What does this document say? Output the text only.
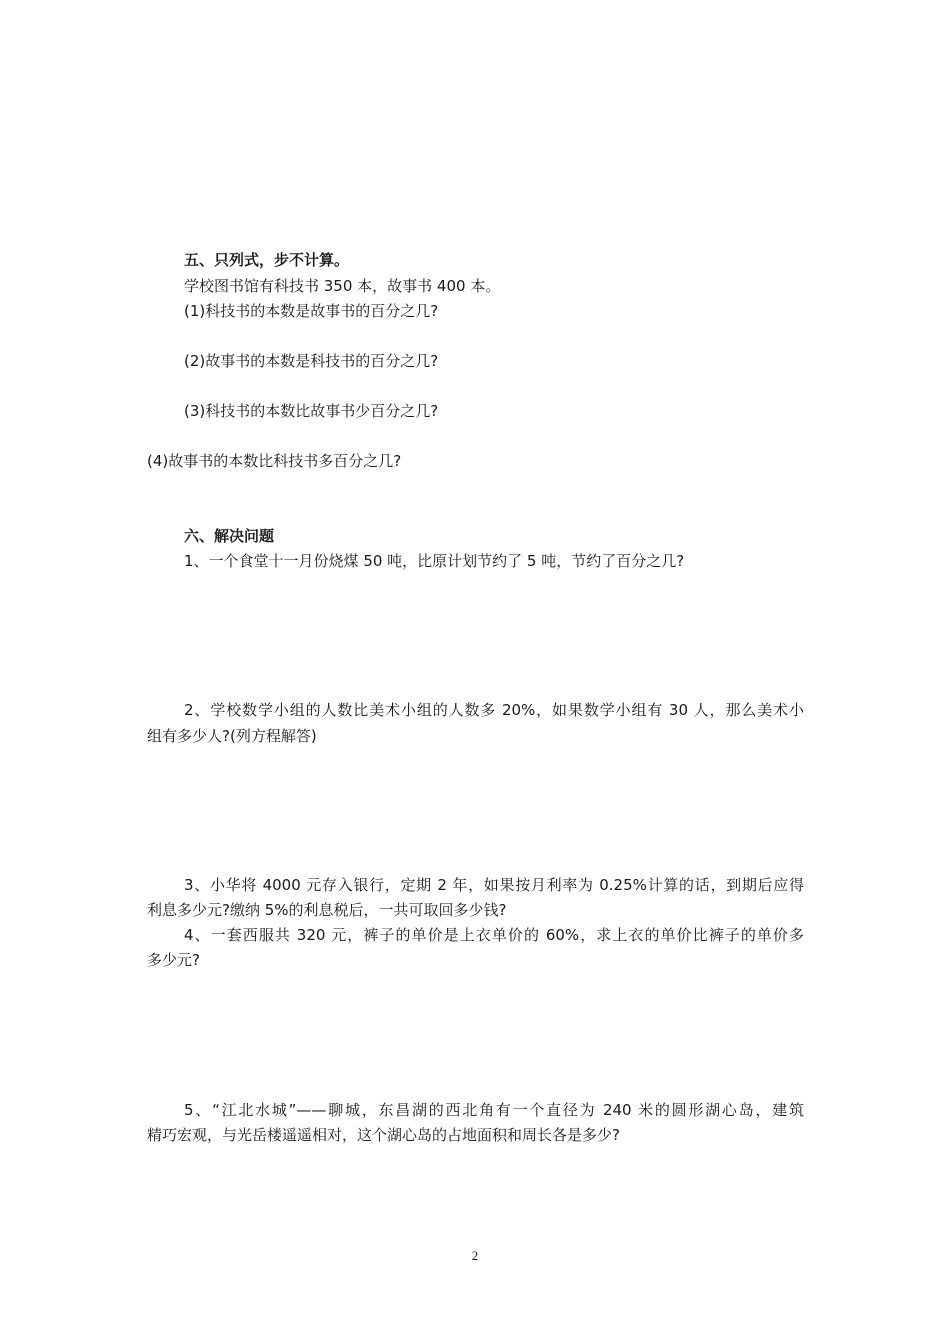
五、只列式，步不计算。
学校图书馆有科技书 350 本，故事书 400 本。
(1)科技书的本数是故事书的百分之几?
(2)故事书的本数是科技书的百分之几?
(3)科技书的本数比故事书少百分之几?
(4)故事书的本数比科技书多百分之几?
六、解决问题
1、一个食堂十一月份烧煤 50 吨，比原计划节约了 5 吨，节约了百分之几?
2、学校数学小组的人数比美术小组的人数多 20%，如果数学小组有 30 人，那么美术小
组有多少人?(列方程解答)
3、小华将 4000 元存入银行，定期 2 年，如果按月利率为 0.25%计算的话，到期后应得
利息多少元?缴纳 5%的利息税后，一共可取回多少钱?
4、一套西服共 320 元，裤子的单价是上衣单价的 60%，求上衣的单价比裤子的单价多
多少元?
5、“江北水城”——聊城，东昌湖的西北角有一个直径为 240 米的圆形湖心岛，建筑
精巧宏观，与光岳楼遥遥相对，这个湖心岛的占地面积和周长各是多少?
2
